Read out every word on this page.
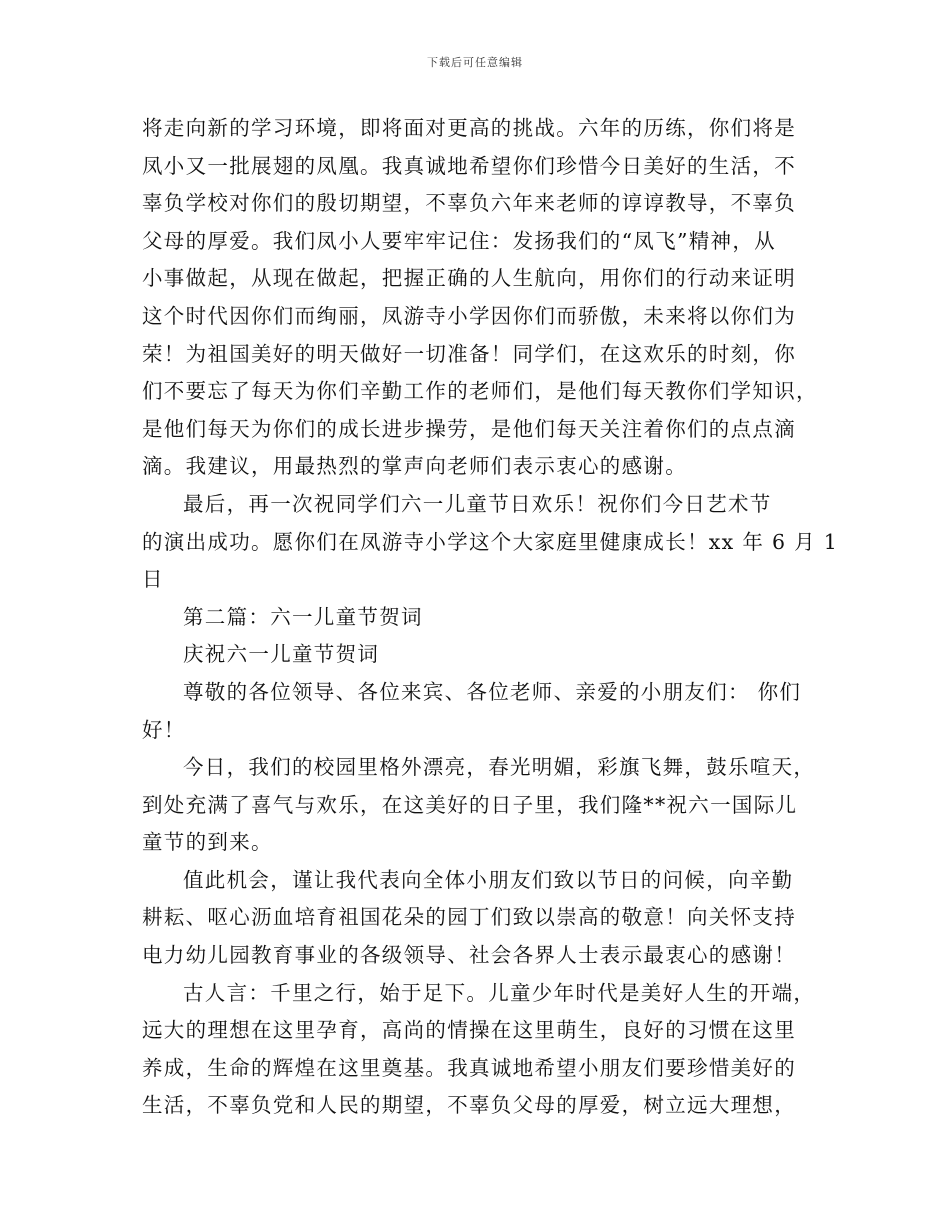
下载后可任意编辑

将走向新的学习环境，即将面对更高的挑战。六年的历练，你们将是
凤小又一批展翅的凤凰。我真诚地希望你们珍惜今日美好的生活，不
辜负学校对你们的殷切期望，不辜负六年来老师的谆谆教导，不辜负
父母的厚爱。我们凤小人要牢牢记住：发扬我们的“凤飞”精神，从
小事做起，从现在做起，把握正确的人生航向，用你们的行动来证明
这个时代因你们而绚丽，凤游寺小学因你们而骄傲，未来将以你们为
荣！为祖国美好的明天做好一切准备！同学们，在这欢乐的时刻，你
们不要忘了每天为你们辛勤工作的老师们，是他们每天教你们学知识，
是他们每天为你们的成长进步操劳，是他们每天关注着你们的点点滴
滴。我建议，用最热烈的掌声向老师们表示衷心的感谢。

最后，再一次祝同学们六一儿童节日欢乐！祝你们今日艺术节
的演出成功。愿你们在凤游寺小学这个大家庭里健康成长！xx 年 6 月 1
日

第二篇：六一儿童节贺词

庆祝六一儿童节贺词

尊敬的各位领导、各位来宾、各位老师、亲爱的小朋友们： 你们
好！

今日，我们的校园里格外漂亮，春光明媚，彩旗飞舞，鼓乐喧天，
到处充满了喜气与欢乐，在这美好的日子里，我们隆**祝六一国际儿
童节的到来。

值此机会，谨让我代表向全体小朋友们致以节日的问候，向辛勤
耕耘、呕心沥血培育祖国花朵的园丁们致以崇高的敬意！向关怀支持
电力幼儿园教育事业的各级领导、社会各界人士表示最衷心的感谢！

古人言：千里之行，始于足下。儿童少年时代是美好人生的开端，
远大的理想在这里孕育，高尚的情操在这里萌生，良好的习惯在这里
养成，生命的辉煌在这里奠基。我真诚地希望小朋友们要珍惜美好的
生活，不辜负党和人民的期望，不辜负父母的厚爱，树立远大理想，
